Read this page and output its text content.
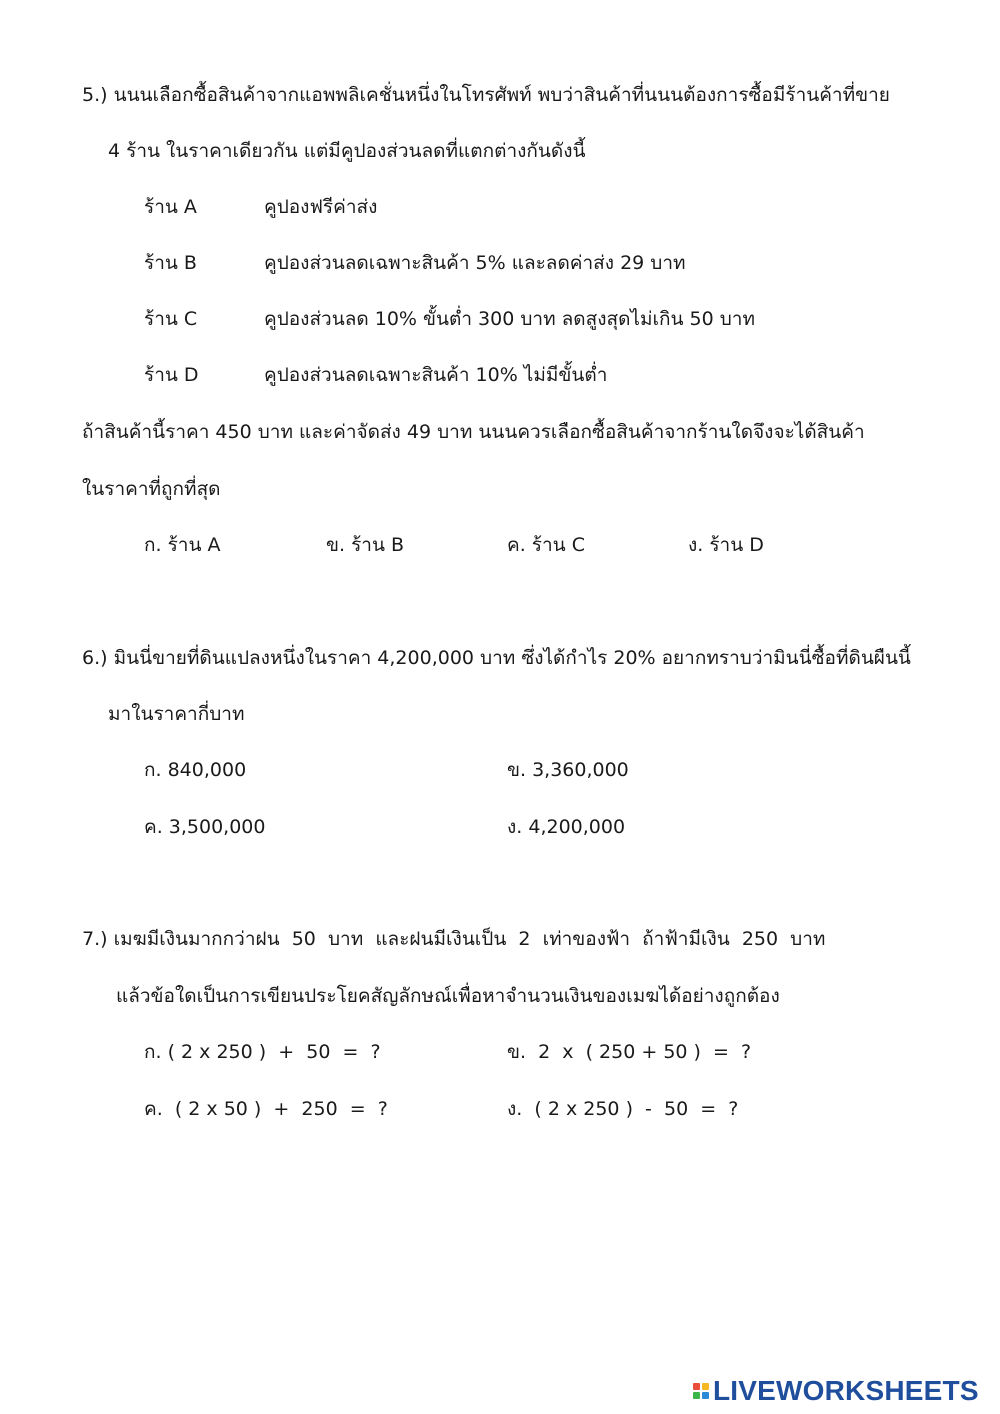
5.) นนนเลือกซื้อสินค้าจากแอพพลิเคชั่นหนึ่งในโทรศัพท์ พบว่าสินค้าที่นนนต้องการซื้อมีร้านค้าที่ขาย
4 ร้าน ในราคาเดียวกัน แต่มีคูปองส่วนลดที่แตกต่างกันดังนี้
ร้าน A	คูปองฟรีค่าส่ง
ร้าน B	คูปองส่วนลดเฉพาะสินค้า 5% และลดค่าส่ง 29 บาท
ร้าน C	คูปองส่วนลด 10% ขั้นต่ำ 300 บาท ลดสูงสุดไม่เกิน 50 บาท
ร้าน D	คูปองส่วนลดเฉพาะสินค้า 10% ไม่มีขั้นต่ำ
ถ้าสินค้านี้ราคา 450 บาท และค่าจัดส่ง 49 บาท นนนควรเลือกซื้อสินค้าจากร้านใดจึงจะได้สินค้า
ในราคาที่ถูกที่สุด
ก. ร้าน A	ข. ร้าน B	ค. ร้าน C	ง. ร้าน D
6.) มินนี่ขายที่ดินแปลงหนึ่งในราคา 4,200,000 บาท ซึ่งได้กำไร 20% อยากทราบว่ามินนี่ซื้อที่ดินผืนนี้
มาในราคากี่บาท
ก. 840,000	ข. 3,360,000
ค. 3,500,000	ง. 4,200,000
7.) เมฆมีเงินมากกว่าฝน  50  บาท  และฝนมีเงินเป็น  2  เท่าของฟ้า  ถ้าฟ้ามีเงิน  250  บาท
แล้วข้อใดเป็นการเขียนประโยคสัญลักษณ์เพื่อหาจำนวนเงินของเมฆได้อย่างถูกต้อง
ก. ( 2 x 250 )  +  50  =  ?	ข.  2  x  ( 250 + 50 )  =  ?
ค.  ( 2 x 50 )  +  250  =  ?	ง.  ( 2 x 250 )  -  50  =  ?
LIVEWORKSHEETS
